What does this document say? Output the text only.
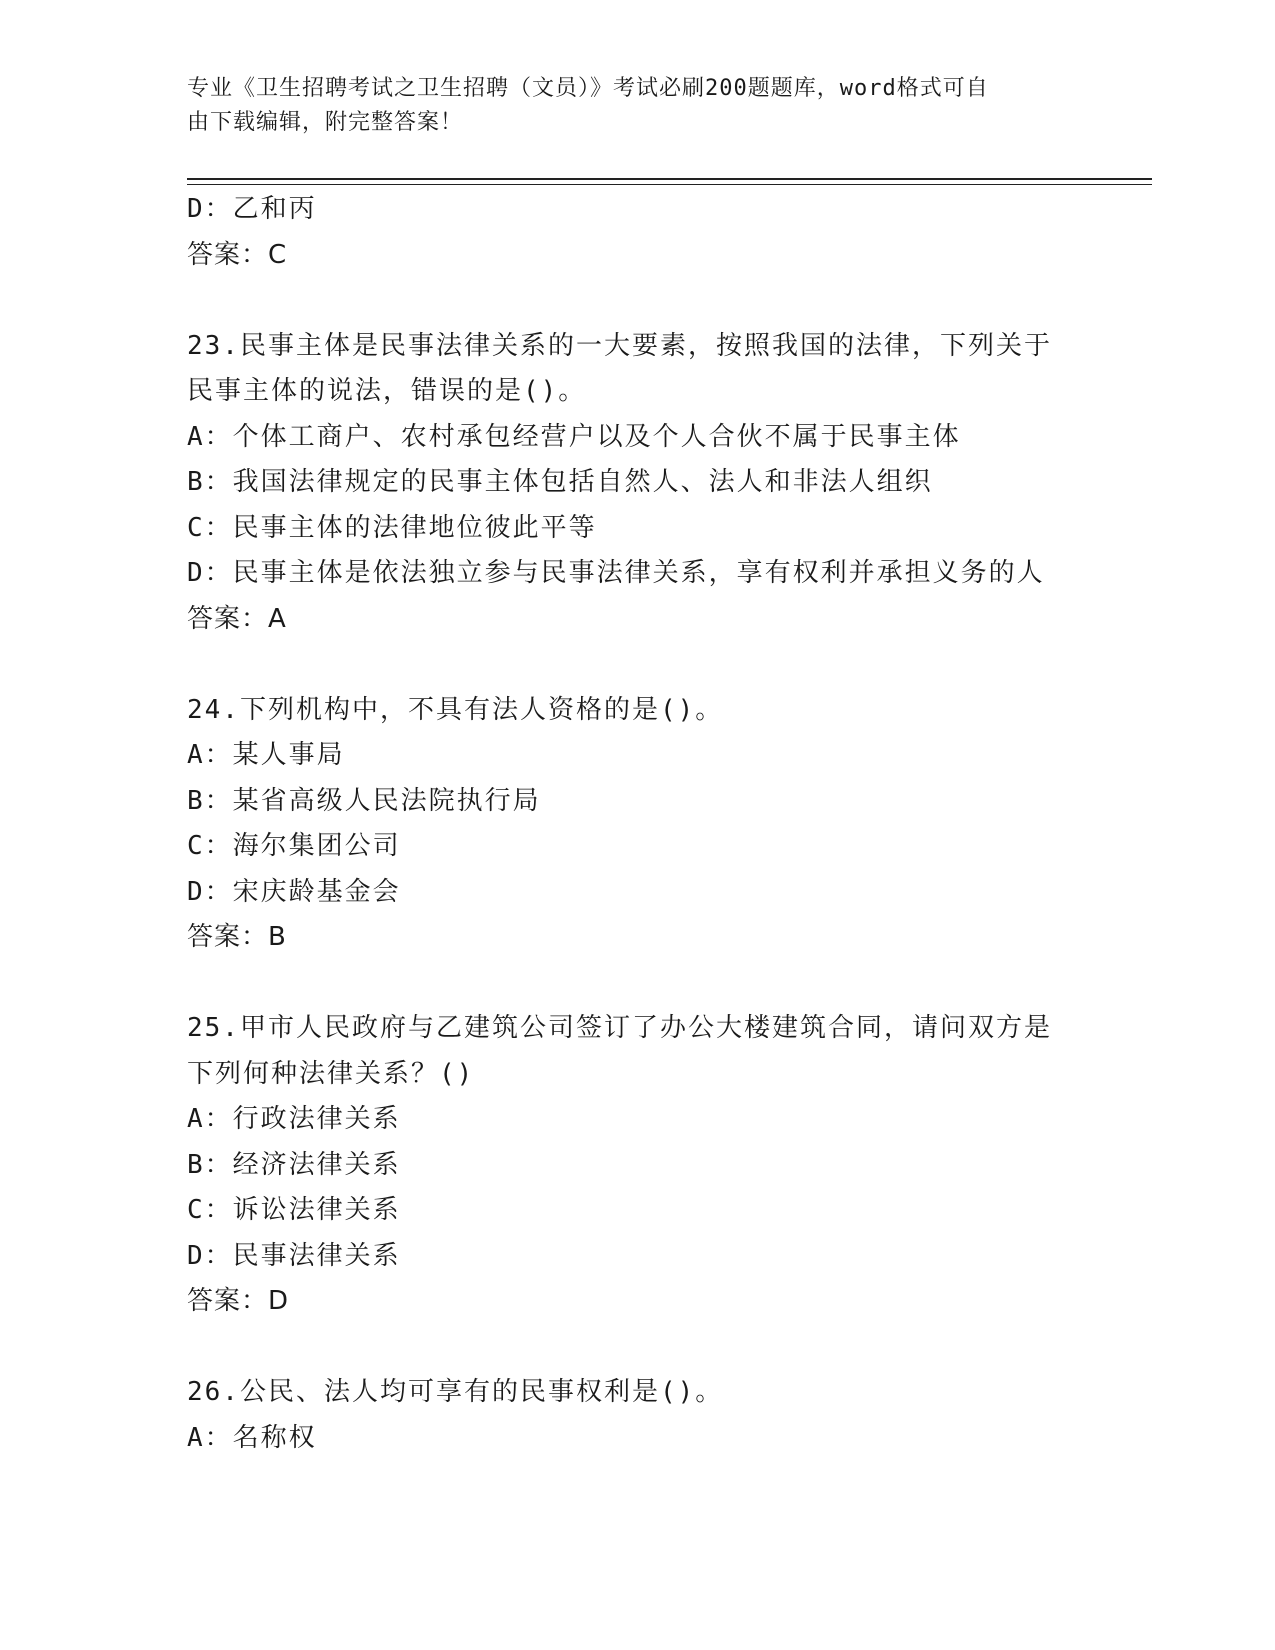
专业《卫生招聘考试之卫生招聘（文员）》考试必刷200题题库，word格式可自
由下载编辑，附完整答案！
D：乙和丙
答案：C
23.民事主体是民事法律关系的一大要素，按照我国的法律，下列关于
民事主体的说法，错误的是()。
A：个体工商户、农村承包经营户以及个人合伙不属于民事主体
B：我国法律规定的民事主体包括自然人、法人和非法人组织
C：民事主体的法律地位彼此平等
D：民事主体是依法独立参与民事法律关系，享有权利并承担义务的人
答案：A
24.下列机构中，不具有法人资格的是()。
A：某人事局
B：某省高级人民法院执行局
C：海尔集团公司
D：宋庆龄基金会
答案：B
25.甲市人民政府与乙建筑公司签订了办公大楼建筑合同，请问双方是
下列何种法律关系？()
A：行政法律关系
B：经济法律关系
C：诉讼法律关系
D：民事法律关系
答案：D
26.公民、法人均可享有的民事权利是()。
A：名称权
